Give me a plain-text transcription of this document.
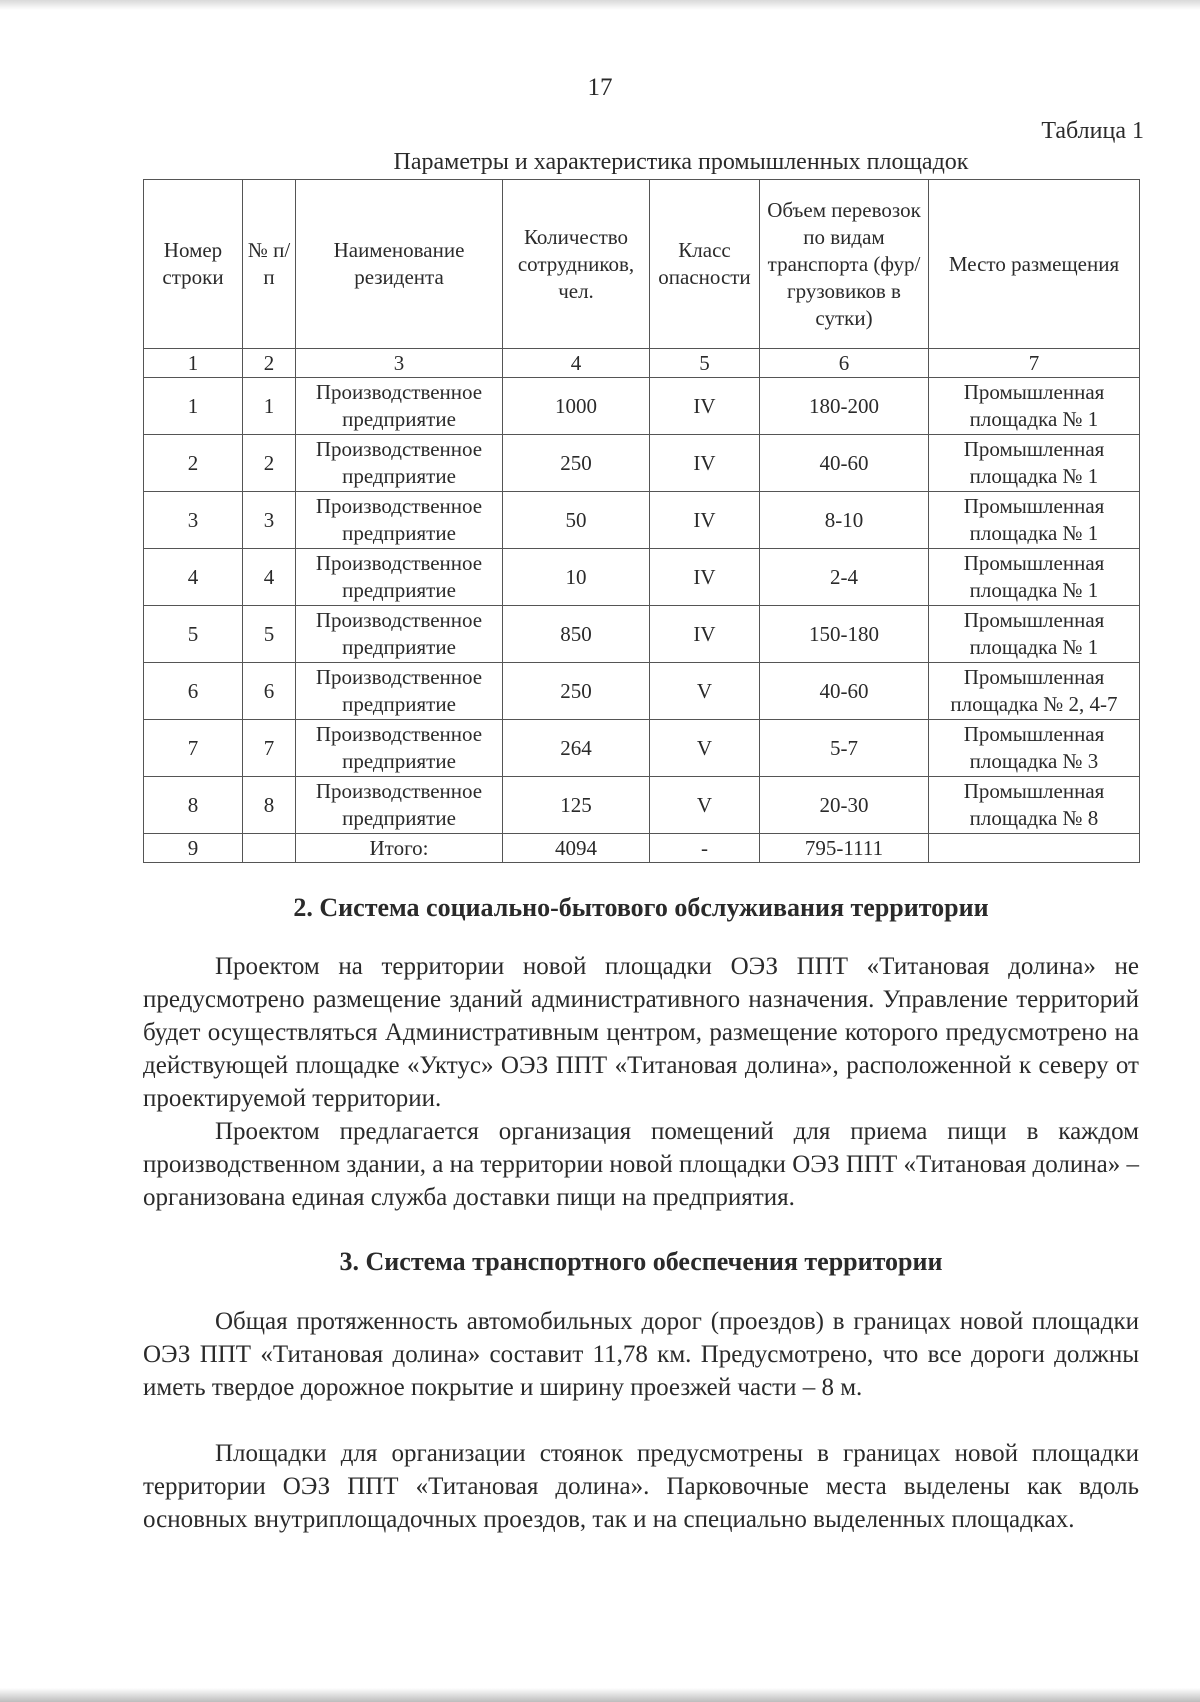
17
Таблица 1
Параметры и характеристика промышленных площадок
Номер строки	№ п/п	Наименование резидента	Количество сотрудников, чел.	Класс опасности	Объем перевозок по видам транспорта (фур/грузовиков в сутки)	Место размещения
1	2	3	4	5	6	7
1	1	Производственное предприятие	1000	IV	180-200	Промышленная площадка № 1
2	2	Производственное предприятие	250	IV	40-60	Промышленная площадка № 1
3	3	Производственное предприятие	50	IV	8-10	Промышленная площадка № 1
4	4	Производственное предприятие	10	IV	2-4	Промышленная площадка № 1
5	5	Производственное предприятие	850	IV	150-180	Промышленная площадка № 1
6	6	Производственное предприятие	250	V	40-60	Промышленная площадка № 2, 4-7
7	7	Производственное предприятие	264	V	5-7	Промышленная площадка № 3
8	8	Производственное предприятие	125	V	20-30	Промышленная площадка № 8
9		Итого:	4094	-	795-1111	
2. Система социально-бытового обслуживания территории

Проектом на территории новой площадки ОЭЗ ППТ «Титановая долина» не предусмотрено размещение зданий административного назначения. Управление территорий будет осуществляться Административным центром, размещение которого предусмотрено на действующей площадке «Уктус» ОЭЗ ППТ «Титановая долина», расположенной к северу от проектируемой территории.

Проектом предлагается организация помещений для приема пищи в каждом производственном здании, а на территории новой площадки ОЭЗ ППТ «Титановая долина» – организована единая служба доставки пищи на предприятия.

3. Система транспортного обеспечения территории

Общая протяженность автомобильных дорог (проездов) в границах новой площадки ОЭЗ ППТ «Титановая долина» составит 11,78 км. Предусмотрено, что все дороги должны иметь твердое дорожное покрытие и ширину проезжей части – 8 м.

Площадки для организации стоянок предусмотрены в границах новой площадки территории ОЭЗ ППТ «Титановая долина». Парковочные места выделены как вдоль основных внутриплощадочных проездов, так и на специально выделенных площадках.
